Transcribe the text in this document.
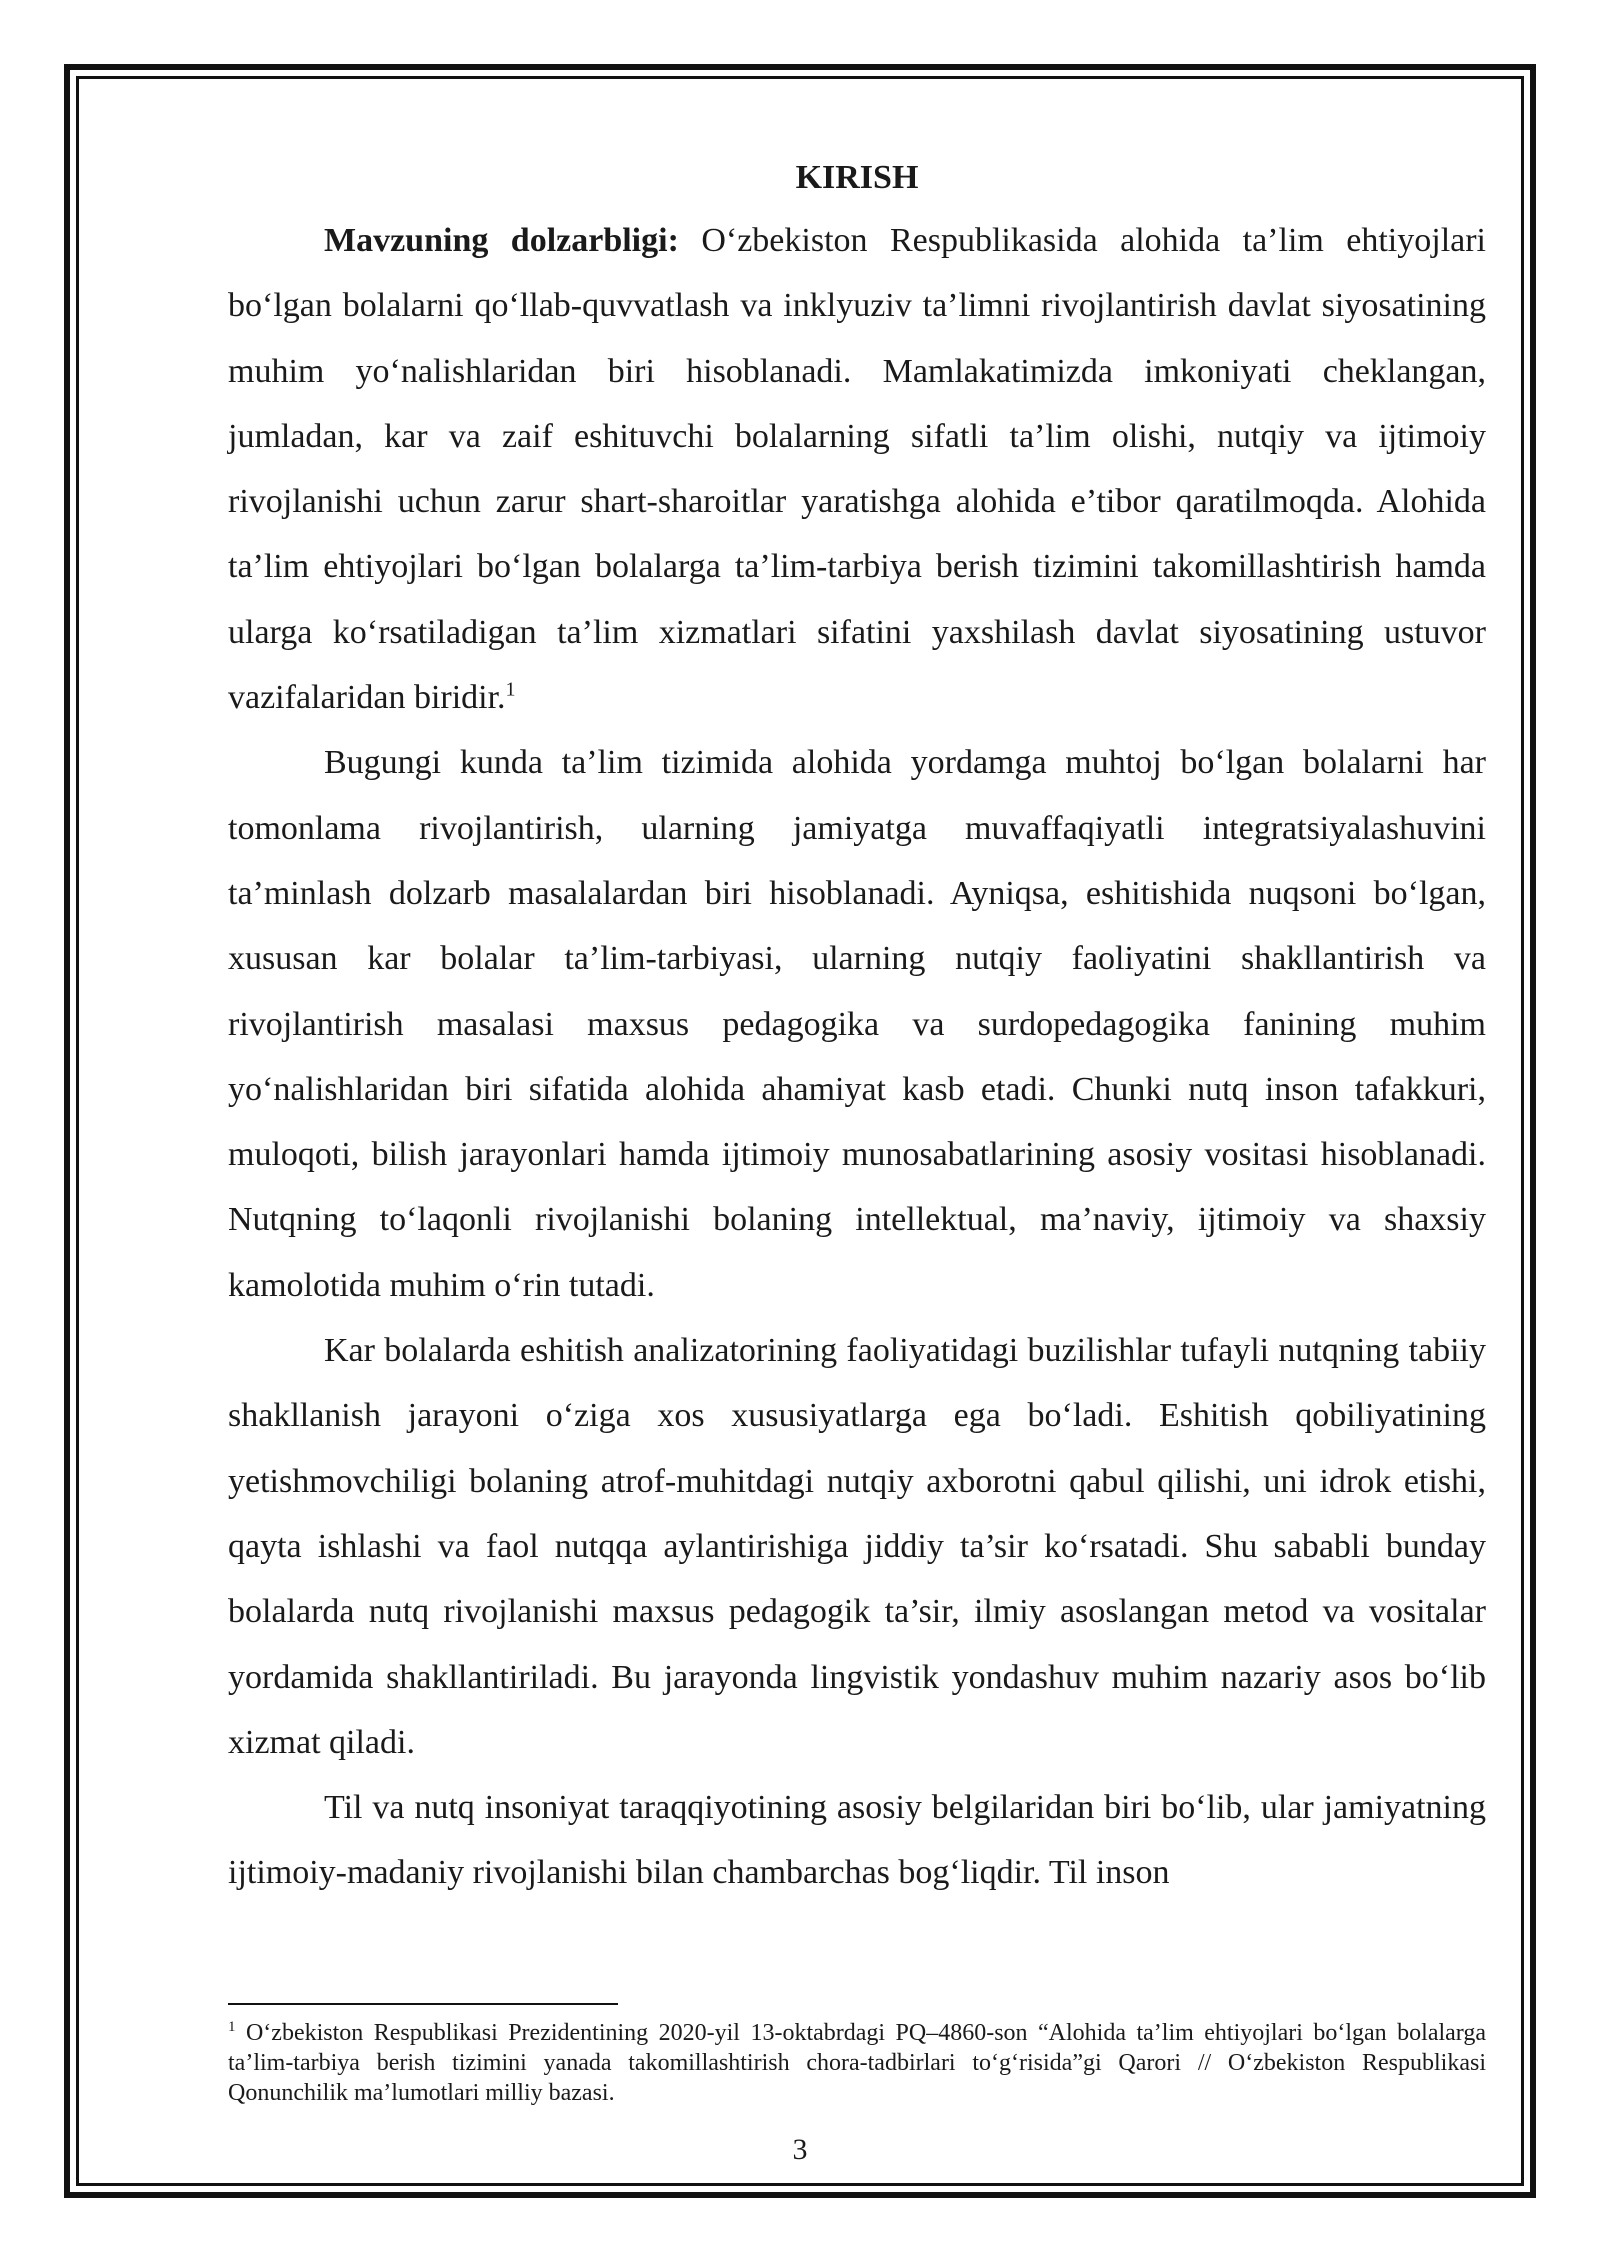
KIRISH

Mavzuning dolzarbligi: O‘zbekiston Respublikasida alohida ta’lim ehtiyojlari bo‘lgan bolalarni qo‘llab-quvvatlash va inklyuziv ta’limni rivojlantirish davlat siyosatining muhim yo‘nalishlaridan biri hisoblanadi. Mamlakatimizda imkoniyati cheklangan, jumladan, kar va zaif eshituvchi bolalarning sifatli ta’lim olishi, nutqiy va ijtimoiy rivojlanishi uchun zarur shart-sharoitlar yaratishga alohida e’tibor qaratilmoqda. Alohida ta’lim ehtiyojlari bo‘lgan bolalarga ta’lim-tarbiya berish tizimini takomillashtirish hamda ularga ko‘rsatiladigan ta’lim xizmatlari sifatini yaxshilash davlat siyosatining ustuvor vazifalaridan biridir.$^1$

Bugungi kunda ta’lim tizimida alohida yordamga muhtoj bo‘lgan bolalarni har tomonlama rivojlantirish, ularning jamiyatga muvaffaqiyatli integratsiyalashuvini ta’minlash dolzarb masalalardan biri hisoblanadi. Ayniqsa, eshitishida nuqsoni bo‘lgan, xususan kar bolalar ta’lim-tarbiyasi, ularning nutqiy faoliyatini shakllantirish va rivojlantirish masalasi maxsus pedagogika va surdopedagogika fanining muhim yo‘nalishlaridan biri sifatida alohida ahamiyat kasb etadi. Chunki nutq inson tafakkuri, muloqoti, bilish jarayonlari hamda ijtimoiy munosabatlarining asosiy vositasi hisoblanadi. Nutqning to‘laqonli rivojlanishi bolaning intellektual, ma’naviy, ijtimoiy va shaxsiy kamolotida muhim o‘rin tutadi.

Kar bolalarda eshitish analizatorining faoliyatidagi buzilishlar tufayli nutqning tabiiy shakllanish jarayoni o‘ziga xos xususiyatlarga ega bo‘ladi. Eshitish qobiliyatining yetishmovchiligi bolaning atrof-muhitdagi nutqiy axborotni qabul qilishi, uni idrok etishi, qayta ishlashi va faol nutqqa aylantirishiga jiddiy ta’sir ko‘rsatadi. Shu sababli bunday bolalarda nutq rivojlanishi maxsus pedagogik ta’sir, ilmiy asoslangan metod va vositalar yordamida shakllantiriladi. Bu jarayonda lingvistik yondashuv muhim nazariy asos bo‘lib xizmat qiladi.

Til va nutq insoniyat taraqqiyotining asosiy belgilaridan biri bo‘lib, ular jamiyatning ijtimoiy-madaniy rivojlanishi bilan chambarchas bog‘liqdir. Til inson

$^1$ O‘zbekiston Respublikasi Prezidentining 2020-yil 13-oktabrdagi PQ–4860-son “Alohida ta’lim ehtiyojlari bo‘lgan bolalarga ta’lim-tarbiya berish tizimini yanada takomillashtirish chora-tadbirlari to‘g‘risida”gi Qarori // O‘zbekiston Respublikasi Qonunchilik ma’lumotlari milliy bazasi.

3
